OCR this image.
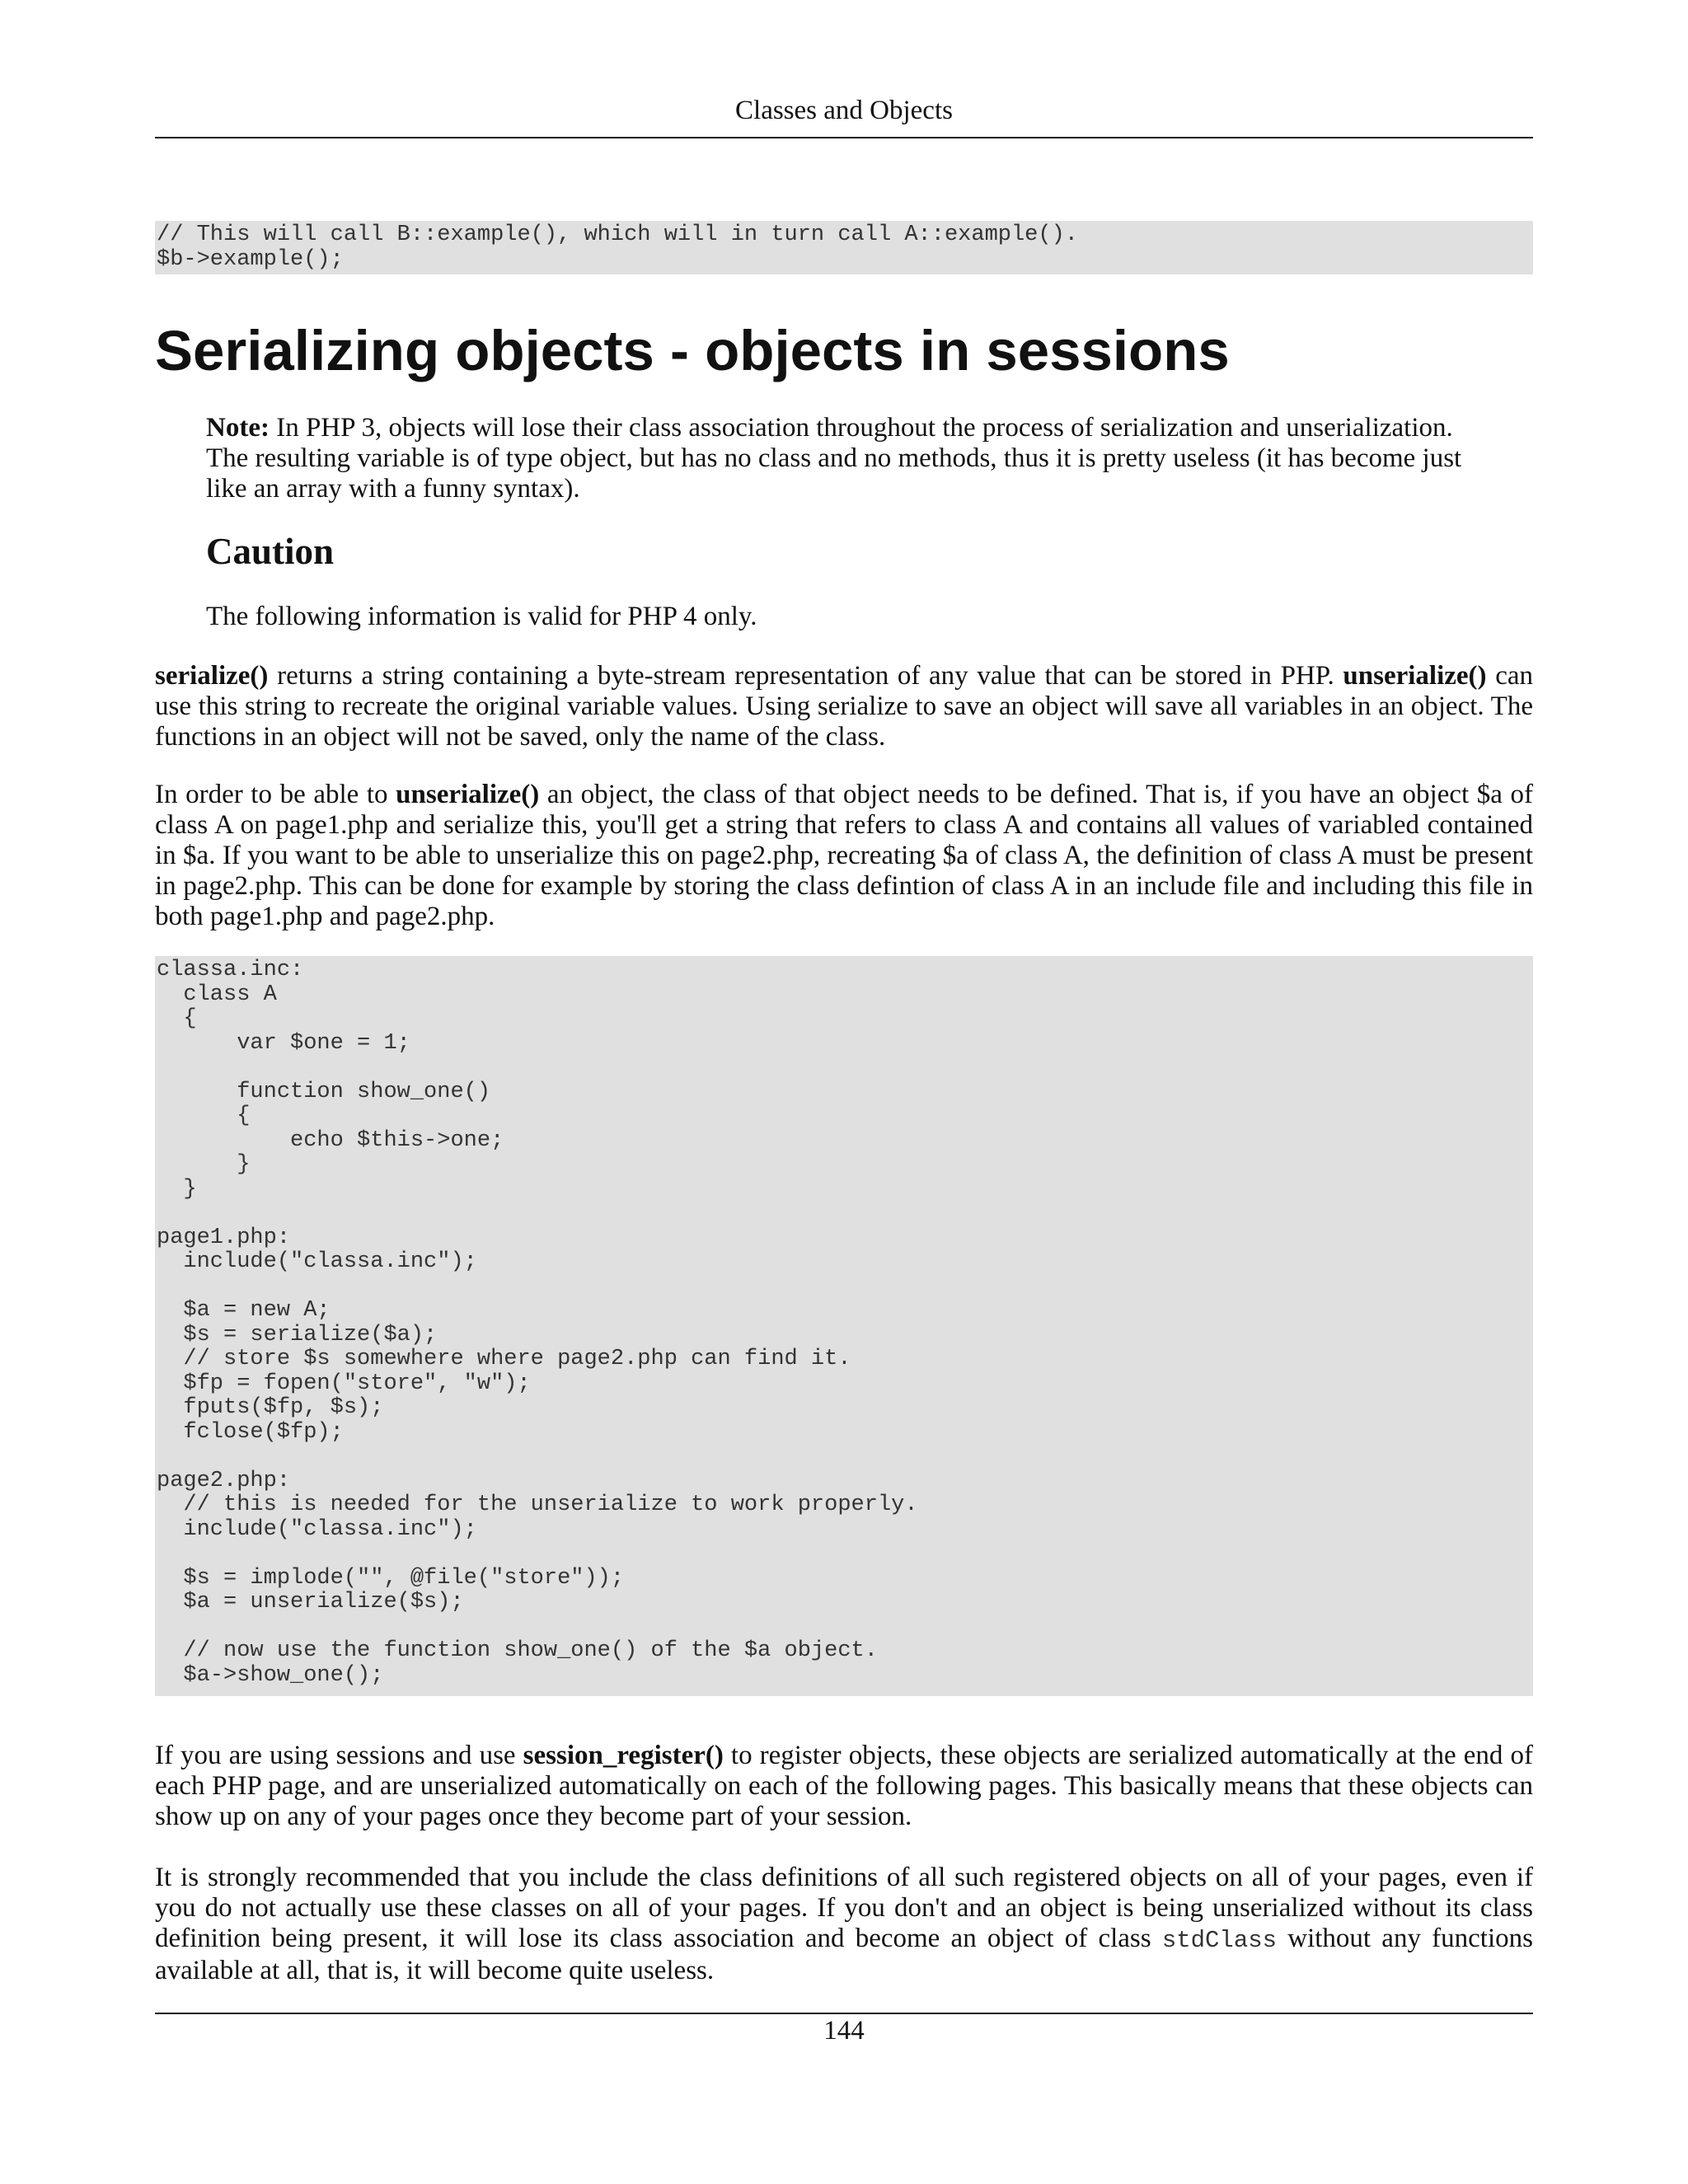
Classes and Objects
// This will call B::example(), which will in turn call A::example().
$b->example();
Serializing objects - objects in sessions

Note: In PHP 3, objects will lose their class association throughout the process of serialization and unserialization. The resulting variable is of type object, but has no class and no methods, thus it is pretty useless (it has become just like an array with a funny syntax).

Caution

The following information is valid for PHP 4 only.

serialize() returns a string containing a byte-stream representation of any value that can be stored in PHP. unserialize() can use this string to recreate the original variable values. Using serialize to save an object will save all variables in an object. The functions in an object will not be saved, only the name of the class.

In order to be able to unserialize() an object, the class of that object needs to be defined. That is, if you have an object $a of class A on page1.php and serialize this, you'll get a string that refers to class A and contains all values of variabled contained in $a. If you want to be able to unserialize this on page2.php, recreating $a of class A, the definition of class A must be present in page2.php. This can be done for example by storing the class defintion of class A in an include file and including this file in both page1.php and page2.php.

classa.inc:
class A
{
var $one = 1;

function show_one()
{
echo $this->one;
}
}

page1.php:
include("classa.inc");

$a = new A;
$s = serialize($a);
// store $s somewhere where page2.php can find it.
$fp = fopen("store", "w");
fputs($fp, $s);
fclose($fp);

page2.php:
// this is needed for the unserialize to work properly.
include("classa.inc");

$s = implode("", @file("store"));
$a = unserialize($s);

// now use the function show_one() of the $a object.
$a->show_one();

If you are using sessions and use session_register() to register objects, these objects are serialized automatically at the end of each PHP page, and are unserialized automatically on each of the following pages. This basically means that these objects can show up on any of your pages once they become part of your session.

It is strongly recommended that you include the class definitions of all such registered objects on all of your pages, even if you do not actually use these classes on all of your pages. If you don't and an object is being unserialized without its class definition being present, it will lose its class association and become an object of class stdClass without any functions available at all, that is, it will become quite useless.

144
